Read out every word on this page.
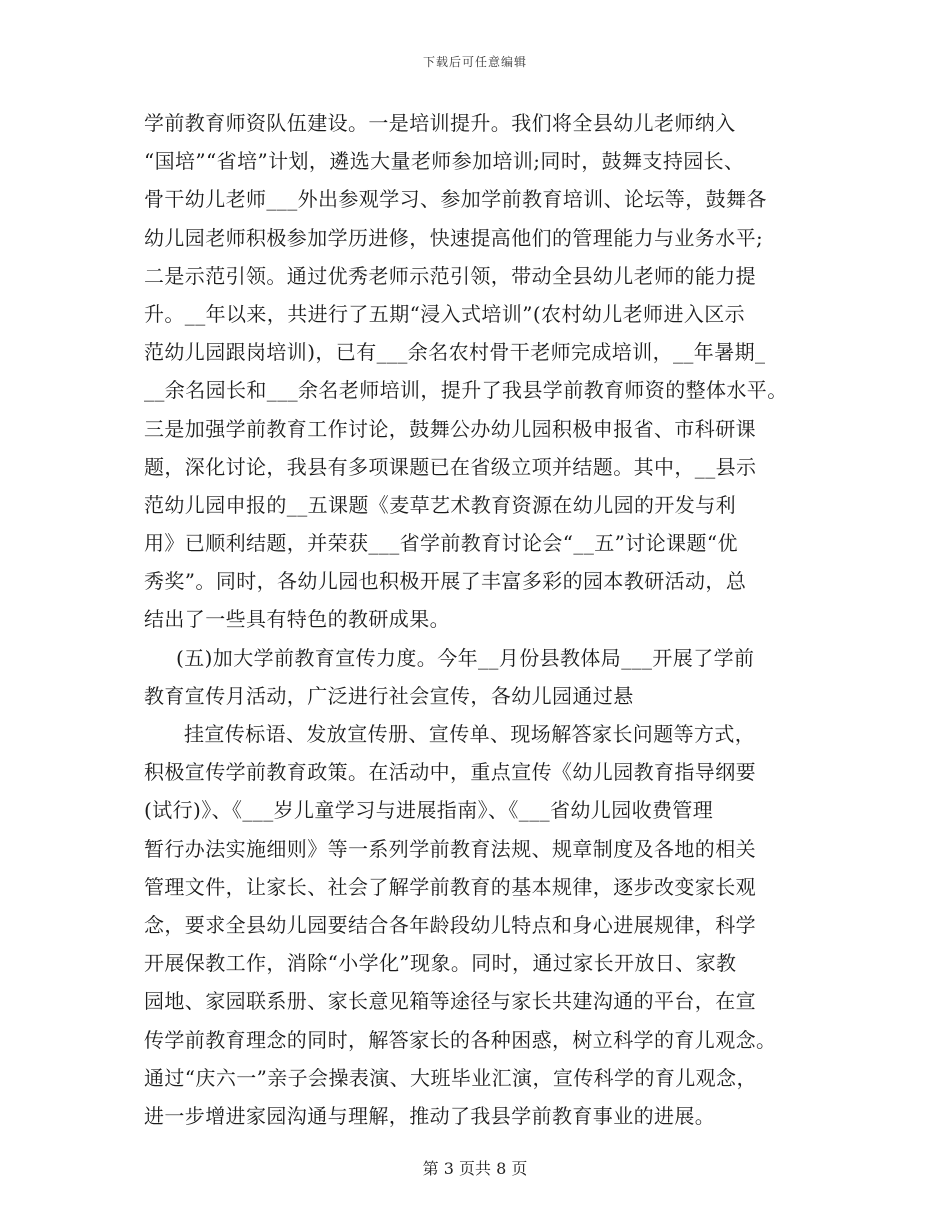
下载后可任意编辑
学前教育师资队伍建设。一是培训提升。我们将全县幼儿老师纳入
“国培”“省培”计划，遴选大量老师参加培训;同时，鼓舞支持园长、
骨干幼儿老师___外出参观学习、参加学前教育培训、论坛等，鼓舞各
幼儿园老师积极参加学历进修，快速提高他们的管理能力与业务水平;
二是示范引领。通过优秀老师示范引领，带动全县幼儿老师的能力提
升。__年以来，共进行了五期“浸入式培训”(农村幼儿老师进入区示
范幼儿园跟岗培训)，已有___余名农村骨干老师完成培训，__年暑期_
__余名园长和___余名老师培训，提升了我县学前教育师资的整体水平。
三是加强学前教育工作讨论，鼓舞公办幼儿园积极申报省、市科研课
题，深化讨论，我县有多项课题已在省级立项并结题。其中，__县示
范幼儿园申报的__五课题《麦草艺术教育资源在幼儿园的开发与利
用》已顺利结题，并荣获___省学前教育讨论会“__五”讨论课题“优
秀奖”。同时，各幼儿园也积极开展了丰富多彩的园本教研活动，总
结出了一些具有特色的教研成果。
(五)加大学前教育宣传力度。今年__月份县教体局___开展了学前
教育宣传月活动，广泛进行社会宣传，各幼儿园通过悬
挂宣传标语、发放宣传册、宣传单、现场解答家长问题等方式，
积极宣传学前教育政策。在活动中，重点宣传《幼儿园教育指导纲要
(试行)》、《___岁儿童学习与进展指南》、《___省幼儿园收费管理
暂行办法实施细则》等一系列学前教育法规、规章制度及各地的相关
管理文件，让家长、社会了解学前教育的基本规律，逐步改变家长观
念，要求全县幼儿园要结合各年龄段幼儿特点和身心进展规律，科学
开展保教工作，消除“小学化”现象。同时，通过家长开放日、家教
园地、家园联系册、家长意见箱等途径与家长共建沟通的平台，在宣
传学前教育理念的同时，解答家长的各种困惑，树立科学的育儿观念。
通过“庆六一”亲子会操表演、大班毕业汇演，宣传科学的育儿观念，
进一步增进家园沟通与理解，推动了我县学前教育事业的进展。
第 3 页共 8 页
